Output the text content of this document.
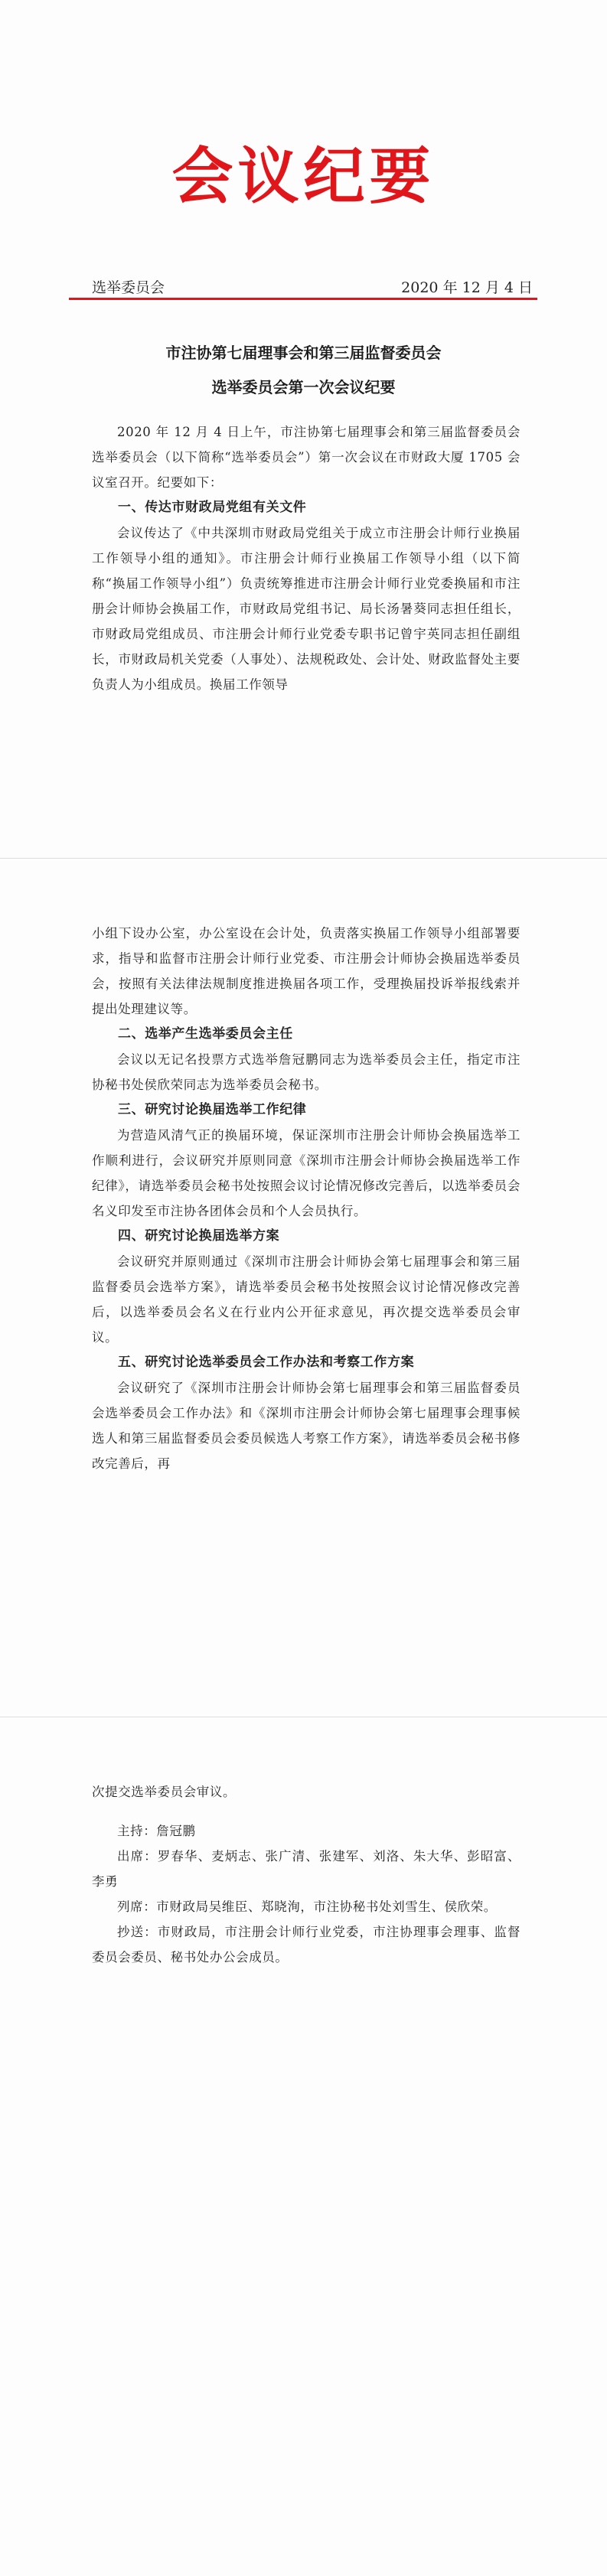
会议纪要
选举委员会	2020 年 12 月 4 日
市注协第七届理事会和第三届监督委员会
选举委员会第一次会议纪要

2020 年 12 月 4 日上午，市注协第七届理事会和第三届监督委员会选举委员会（以下简称“选举委员会”）第一次会议在市财政大厦 1705 会议室召开。纪要如下：

一、传达市财政局党组有关文件

会议传达了《中共深圳市财政局党组关于成立市注册会计师行业换届工作领导小组的通知》。市注册会计师行业换届工作领导小组（以下简称“换届工作领导小组”）负责统筹推进市注册会计师行业党委换届和市注册会计师协会换届工作，市财政局党组书记、局长汤暑葵同志担任组长，市财政局党组成员、市注册会计师行业党委专职书记曾宇英同志担任副组长，市财政局机关党委（人事处）、法规税政处、会计处、财政监督处主要负责人为小组成员。换届工作领导

小组下设办公室，办公室设在会计处，负责落实换届工作领导小组部署要求，指导和监督市注册会计师行业党委、市注册会计师协会换届选举委员会，按照有关法律法规制度推进换届各项工作，受理换届投诉举报线索并提出处理建议等。

二、选举产生选举委员会主任

会议以无记名投票方式选举詹冠鹏同志为选举委员会主任，指定市注协秘书处侯欣荣同志为选举委员会秘书。

三、研究讨论换届选举工作纪律

为营造风清气正的换届环境，保证深圳市注册会计师协会换届选举工作顺利进行，会议研究并原则同意《深圳市注册会计师协会换届选举工作纪律》，请选举委员会秘书处按照会议讨论情况修改完善后，以选举委员会名义印发至市注协各团体会员和个人会员执行。

四、研究讨论换届选举方案

会议研究并原则通过《深圳市注册会计师协会第七届理事会和第三届监督委员会选举方案》，请选举委员会秘书处按照会议讨论情况修改完善后，以选举委员会名义在行业内公开征求意见，再次提交选举委员会审议。

五、研究讨论选举委员会工作办法和考察工作方案

会议研究了《深圳市注册会计师协会第七届理事会和第三届监督委员会选举委员会工作办法》和《深圳市注册会计师协会第七届理事会理事候选人和第三届监督委员会委员候选人考察工作方案》，请选举委员会秘书修改完善后，再

次提交选举委员会审议。

主持：詹冠鹏

出席：罗春华、麦炳志、张广清、张建军、刘洛、朱大华、彭昭富、李勇

列席：市财政局吴维臣、郑晓洵，市注协秘书处刘雪生、侯欣荣。

抄送：市财政局，市注册会计师行业党委，市注协理事会理事、监督委员会委员、秘书处办公会成员。
